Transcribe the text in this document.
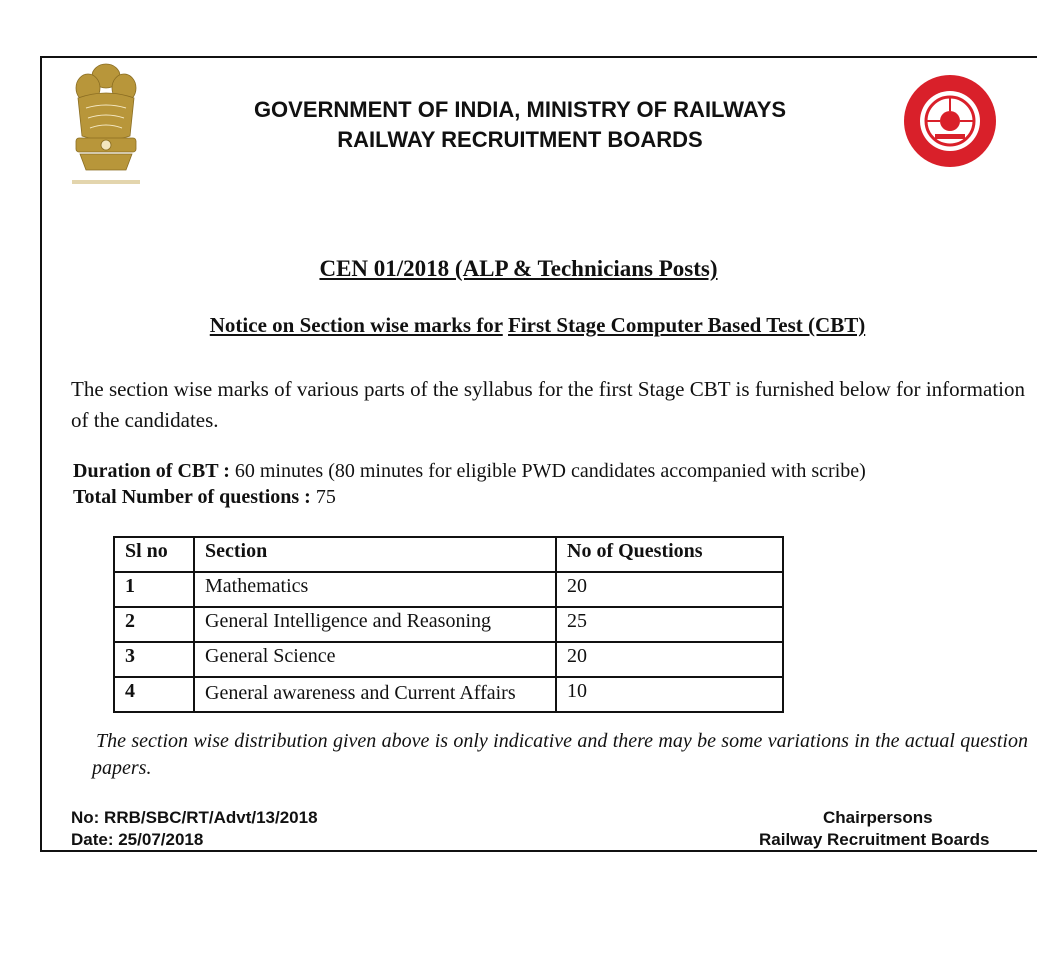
GOVERNMENT OF INDIA, MINISTRY OF RAILWAYS
RAILWAY RECRUITMENT BOARDS
CEN 01/2018 (ALP & Technicians Posts)
Notice on Section wise marks for First Stage Computer Based Test (CBT)
The section wise marks of various parts of the syllabus for the first Stage CBT is furnished below for information of the candidates.
Duration of CBT : 60 minutes (80 minutes for eligible PWD candidates accompanied with scribe)
Total Number of questions : 75
Sl no	Section	No of Questions
1	Mathematics	20
2	General Intelligence and Reasoning	25
3	General Science	20
4	General awareness and Current Affairs	10
The section wise distribution given above is only indicative and there may be some variations in the actual question papers.
No: RRB/SBC/RT/Advt/13/2018
Date: 25/07/2018
Chairpersons
Railway Recruitment Boards
